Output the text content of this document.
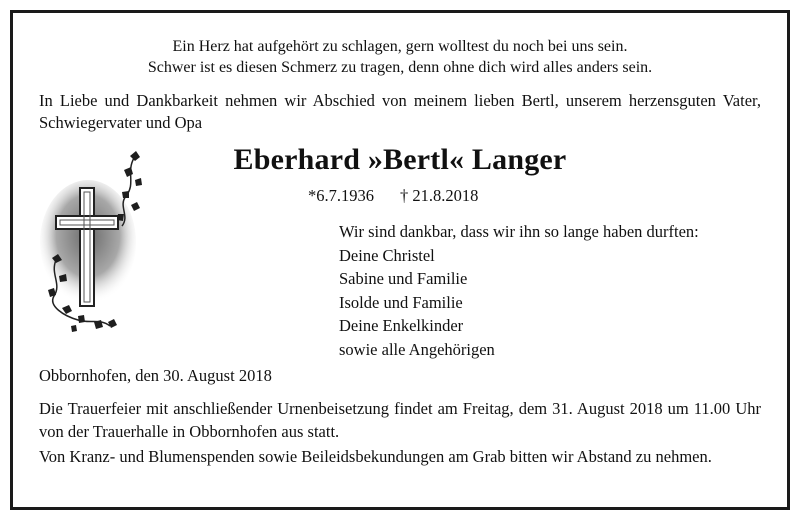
Ein Herz hat aufgehört zu schlagen, gern wolltest du noch bei uns sein.
Schwer ist es diesen Schmerz zu tragen, denn ohne dich wird alles anders sein.
In Liebe und Dankbarkeit nehmen wir Abschied von meinem lieben Bertl, unserem herzensguten Vater, Schwiegervater und Opa
Eberhard »Bertl« Langer
*6.7.1936 † 21.8.2018
Wir sind dankbar, dass wir ihn so lange haben durften:
Deine Christel
Sabine und Familie
Isolde und Familie
Deine Enkelkinder
sowie alle Angehörigen
Obbornhofen, den 30. August 2018
Die Trauerfeier mit anschließender Urnenbeisetzung findet am Freitag, dem 31. August 2018 um 11.00 Uhr von der Trauerhalle in Obbornhofen aus statt.
Von Kranz- und Blumenspenden sowie Beileidsbekundungen am Grab bitten wir Abstand zu nehmen.
